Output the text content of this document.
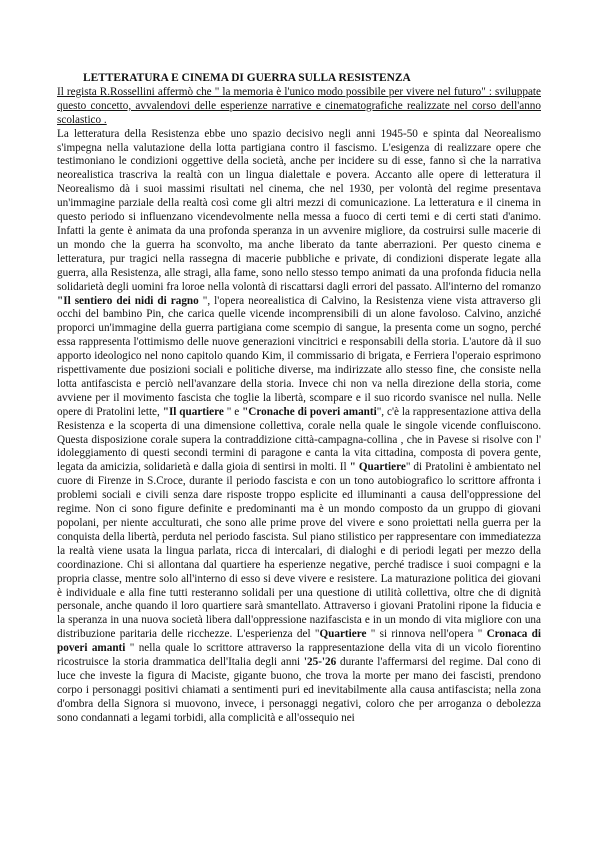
LETTERATURA E CINEMA DI GUERRA SULLA RESISTENZA

Il regista R.Rossellini affermò che " la memoria è l'unico modo possibile per vivere nel futuro" : sviluppate questo concetto, avvalendovi delle esperienze narrative e cinematografiche realizzate nel corso dell'anno scolastico .

La letteratura della Resistenza ebbe uno spazio decisivo negli anni 1945-50 e spinta dal Neorealismo s'impegna nella valutazione della lotta partigiana contro il fascismo. L'esigenza di realizzare opere che testimoniano le condizioni oggettive della società, anche per incidere su di esse, fanno sì che la narrativa neorealistica trascriva la realtà con un lingua dialettale e povera. Accanto alle opere di letteratura il Neorealismo dà i suoi massimi risultati nel cinema, che nel 1930, per volontà del regime presentava un'immagine parziale della realtà così come gli altri mezzi di comunicazione. La letteratura e il cinema in questo periodo si influenzano vicendevolmente nella messa a fuoco di certi temi e di certi stati d'animo. Infatti la gente è animata da una profonda speranza in un avvenire migliore, da costruirsi sulle macerie di un mondo che la guerra ha sconvolto, ma anche liberato da tante aberrazioni. Per questo cinema e letteratura, pur tragici nella rassegna di macerie pubbliche e private, di condizioni disperate legate alla guerra, alla Resistenza, alle stragi, alla fame, sono nello stesso tempo animati da una profonda fiducia nella solidarietà degli uomini fra loroe nella volontà di riscattarsi dagli errori del passato. All'interno del romanzo "Il sentiero dei nidi di ragno ", l'opera neorealistica di Calvino, la Resistenza viene vista attraverso gli occhi del bambino Pin, che carica quelle vicende incomprensibili di un alone favoloso. Calvino, anziché proporci un'immagine della guerra partigiana come scempio di sangue, la presenta come un sogno, perché essa rappresenta l'ottimismo delle nuove generazioni vincitrici e responsabili della storia. L'autore dà il suo apporto ideologico nel nono capitolo quando Kim, il commissario di brigata, e Ferriera l'operaio esprimono rispettivamente due posizioni sociali e politiche diverse, ma indirizzate allo stesso fine, che consiste nella lotta antifascista e perciò nell'avanzare della storia. Invece chi non va nella direzione della storia, come avviene per il movimento fascista che toglie la libertà, scompare e il suo ricordo svanisce nel nulla. Nelle opere di Pratolini lette, "Il quartiere " e "Cronache di poveri amanti", c'è la rappresentazione attiva della Resistenza e la scoperta di una dimensione collettiva, corale nella quale le singole vicende confluiscono. Questa disposizione corale supera la contraddizione città-campagna-collina , che in Pavese si risolve con l' idoleggiamento di questi secondi termini di paragone e canta la vita cittadina, composta di povera gente, legata da amicizia, solidarietà e dalla gioia di sentirsi in molti. Il " Quartiere" di Pratolini è ambientato nel cuore di Firenze in S.Croce, durante il periodo fascista e con un tono autobiografico lo scrittore affronta i problemi sociali e civili senza dare risposte troppo esplicite ed illuminanti a causa dell'oppressione del regime. Non ci sono figure definite e predominanti ma è un mondo composto da un gruppo di giovani popolani, per niente acculturati, che sono alle prime prove del vivere e sono proiettati nella guerra per la conquista della libertà, perduta nel periodo fascista. Sul piano stilistico per rappresentare con immediatezza la realtà viene usata la lingua parlata, ricca di intercalari, di dialoghi e di periodi legati per mezzo della coordinazione. Chi si allontana dal quartiere ha esperienze negative, perché tradisce i suoi compagni e la propria classe, mentre solo all'interno di esso si deve vivere e resistere. La maturazione politica dei giovani è individuale e alla fine tutti resteranno solidali per una questione di utilità collettiva, oltre che di dignità personale, anche quando il loro quartiere sarà smantellato. Attraverso i giovani Pratolini ripone la fiducia e la speranza in una nuova società libera dall'oppressione nazifascista e in un mondo di vita migliore con una distribuzione paritaria delle ricchezze. L'esperienza del "Quartiere " si rinnova nell'opera " Cronaca di poveri amanti " nella quale lo scrittore attraverso la rappresentazione della vita di un vicolo fiorentino ricostruisce la storia drammatica dell'Italia degli anni '25-'26 durante l'affermarsi del regime. Dal cono di luce che investe la figura di Maciste, gigante buono, che trova la morte per mano dei fascisti, prendono corpo i personaggi positivi chiamati a sentimenti puri ed inevitabilmente alla causa antifascista; nella zona d'ombra della Signora si muovono, invece, i personaggi negativi, coloro che per arroganza o debolezza sono condannati a legami torbidi, alla complicità e all'ossequio nei
